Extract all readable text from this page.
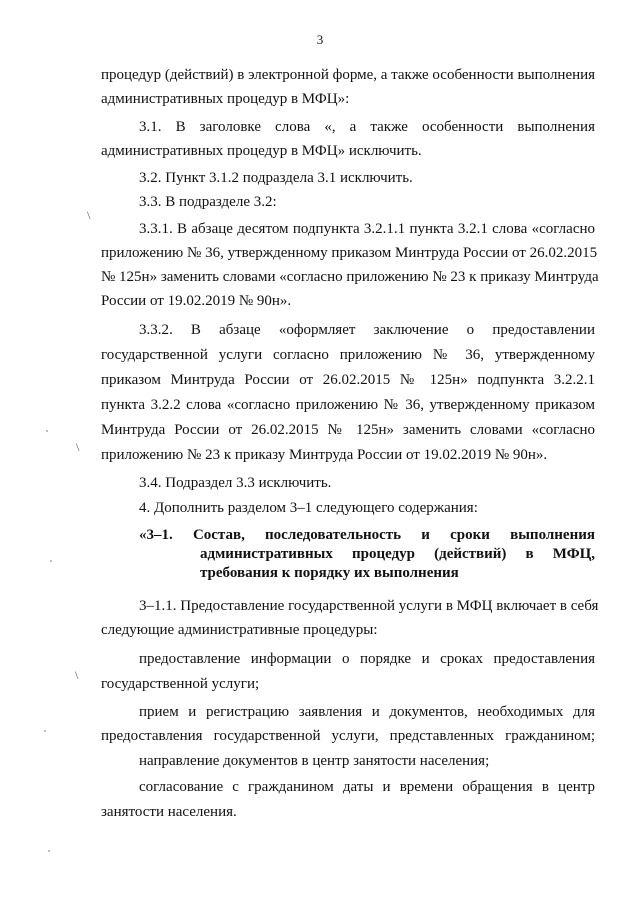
3
процедур (действий) в электронной форме, а также особенности выполнения
административных процедур в МФЦ»:
3.1. В заголовке слова «, а также особенности выполнения
административных процедур в МФЦ» исключить.
3.2. Пункт 3.1.2 подраздела 3.1 исключить.
3.3. В подразделе 3.2:
3.3.1. В абзаце десятом подпункта 3.2.1.1 пункта 3.2.1 слова «согласно
приложению № 36, утвержденному приказом Минтруда России от 26.02.2015
№ 125н» заменить словами «согласно приложению № 23 к приказу Минтруда
России от 19.02.2019 № 90н».
3.3.2. В абзаце «оформляет заключение о предоставлении
государственной услуги согласно приложению № 36, утвержденному
приказом Минтруда России от 26.02.2015 № 125н» подпункта 3.2.2.1
пункта 3.2.2 слова «согласно приложению № 36, утвержденному приказом
Минтруда России от 26.02.2015 № 125н» заменить словами «согласно
приложению № 23 к приказу Минтруда России от 19.02.2019 № 90н».
3.4. Подраздел 3.3 исключить.
4. Дополнить разделом 3–1 следующего содержания:
«3–1. Состав, последовательность и сроки выполнения
административных процедур (действий) в МФЦ,
требования к порядку их выполнения
3–1.1. Предоставление государственной услуги в МФЦ включает в себя
следующие административные процедуры:
предоставление информации о порядке и сроках предоставления
государственной услуги;
прием и регистрацию заявления и документов, необходимых для
предоставления государственной услуги, представленных гражданином;
направление документов в центр занятости населения;
согласование с гражданином даты и времени обращения в центр
занятости населения.
\
\
\
